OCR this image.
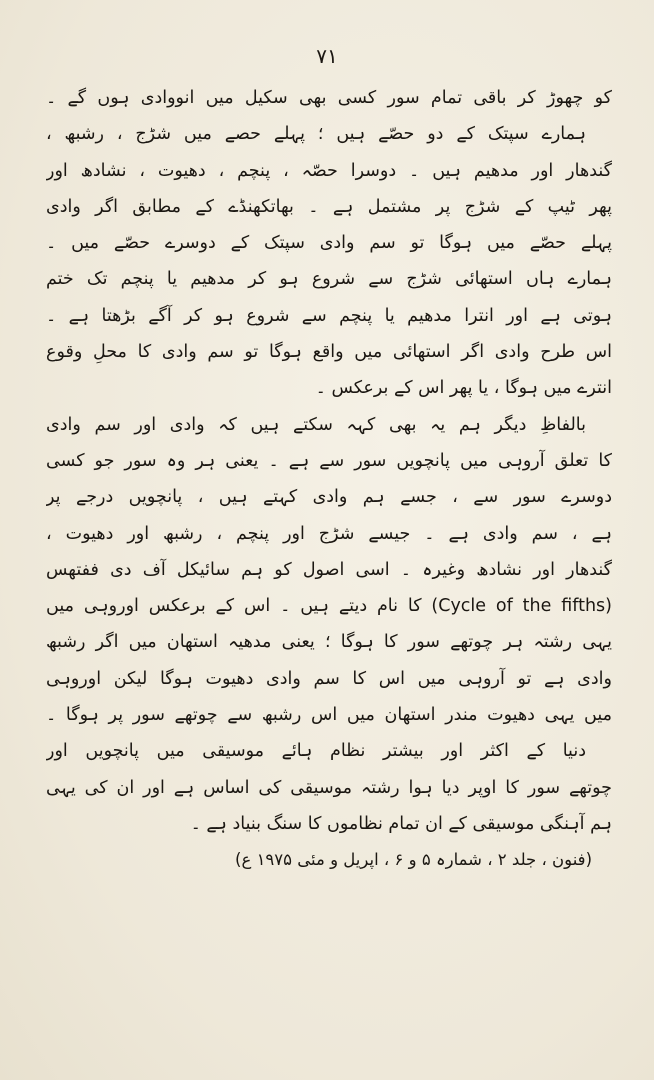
۷۱
کو چھوڑ کر باقی تمام سور کسی بھی سکیل میں انووادی ہوں گے ۔
ہمارے سپتک کے دو حصّے ہیں ؛ پہلے حصے میں شڑج ، رشبھ ،
گندھار اور مدھیم ہیں ۔ دوسرا حصّہ ، پنچم ، دھیوت ، نشادھ اور
پھر ٹیپ کے شڑج پر مشتمل ہے ۔ بھاتکھنڈے کے مطابق اگر وادی
پہلے حصّے میں ہوگا تو سم وادی سپتک کے دوسرے حصّے میں ۔
ہمارے ہاں استھائی شڑج سے شروع ہو کر مدھیم یا پنچم تک ختم
ہوتی ہے اور انترا مدھیم یا پنچم سے شروع ہو کر آگے بڑھتا ہے ۔
اس طرح وادی اگر استھائی میں واقع ہوگا تو سم وادی کا محلِ وقوع
انترے میں ہوگا ، یا پھر اس کے برعکس ۔
بالفاظِ دیگر ہم یہ بھی کہہ سکتے ہیں کہ وادی اور سم وادی
کا تعلق آروہی میں پانچویں سور سے ہے ۔ یعنی ہر وہ سور جو کسی
دوسرے سور سے ، جسے ہم وادی کہتے ہیں ، پانچویں درجے پر
ہے ، سم وادی ہے ۔ جیسے شڑج اور پنچم ، رشبھ اور دھیوت ،
گندھار اور نشادھ وغیرہ ۔ اسی اصول کو ہم سائیکل آف دی ففتھس
(Cycle of the fifths) کا نام دیتے ہیں ۔ اس کے برعکس اوروہی میں
یہی رشتہ ہر چوتھے سور کا ہوگا ؛ یعنی مدھیہ استھان میں اگر رشبھ
وادی ہے تو آروہی میں اس کا سم وادی دھیوت ہوگا لیکن اوروہی
میں یہی دھیوت مندر استھان میں اس رشبھ سے چوتھے سور پر ہوگا ۔
دنیا کے اکثر اور بیشتر نظام ہائے موسیقی میں پانچویں اور
چوتھے سور کا اوپر دیا ہوا رشتہ موسیقی کی اساس ہے اور ان کی یہی
ہم آہنگی موسیقی کے ان تمام نظاموں کا سنگ بنیاد ہے ۔
(فنون ، جلد ۲ ، شمارہ ۵ و ۶ ، اپریل و مئی ۱۹۷۵ ع)
